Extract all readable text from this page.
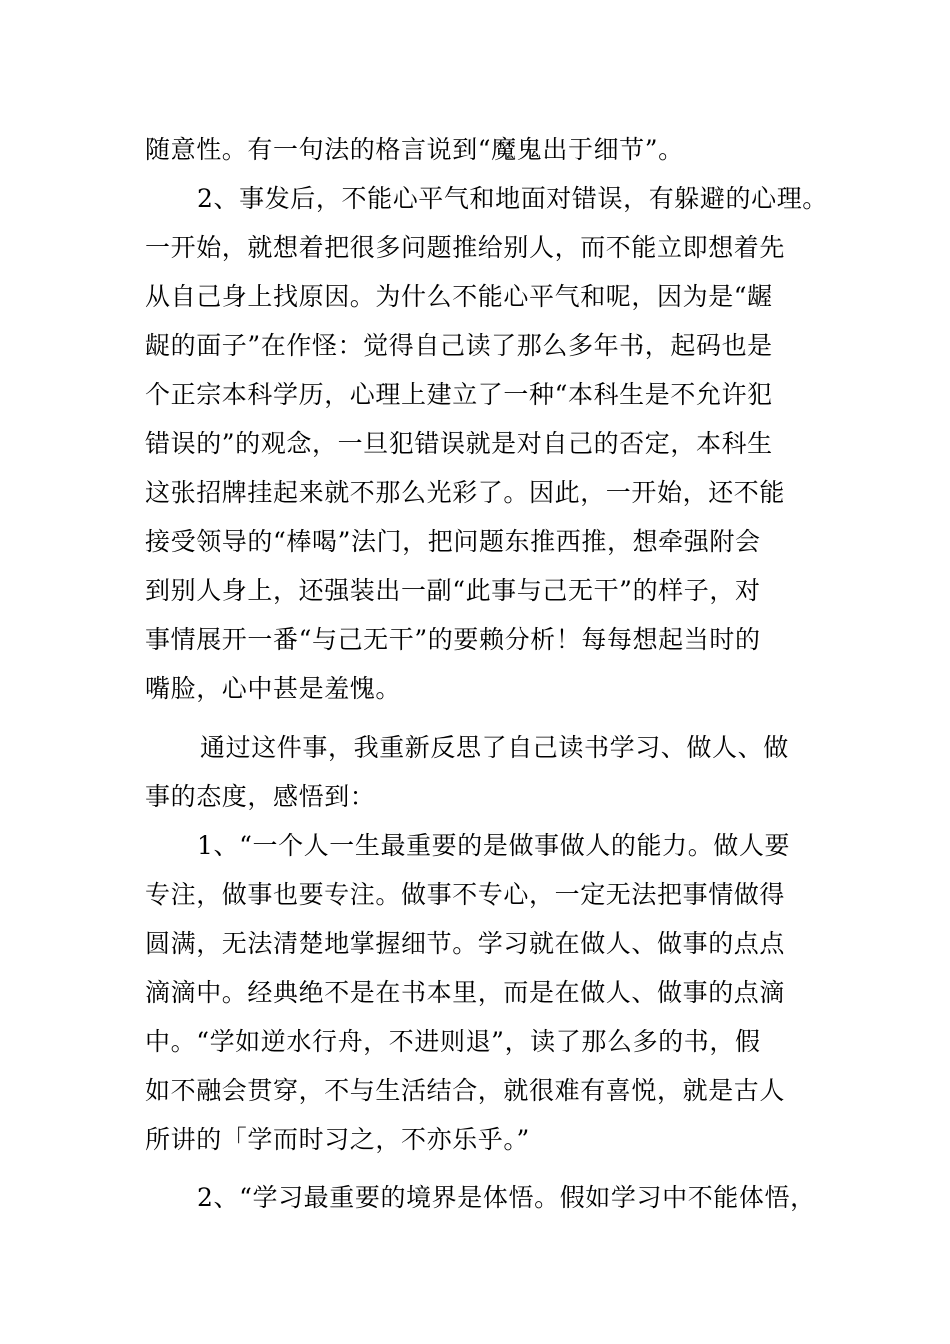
随意性。有一句法的格言说到“魔鬼出于细节”。
2、事发后，不能心平气和地面对错误，有躲避的心理。
一开始，就想着把很多问题推给别人，而不能立即想着先
从自己身上找原因。为什么不能心平气和呢，因为是“龌
龊的面子”在作怪：觉得自己读了那么多年书，起码也是
个正宗本科学历，心理上建立了一种“本科生是不允许犯
错误的”的观念，一旦犯错误就是对自己的否定，本科生
这张招牌挂起来就不那么光彩了。因此，一开始，还不能
接受领导的“棒喝”法门，把问题东推西推，想牵强附会
到别人身上，还强装出一副“此事与己无干”的样子，对
事情展开一番“与己无干”的要赖分析！每每想起当时的
嘴脸，心中甚是羞愧。
通过这件事，我重新反思了自己读书学习、做人、做
事的态度，感悟到：
1、“一个人一生最重要的是做事做人的能力。做人要
专注，做事也要专注。做事不专心，一定无法把事情做得
圆满，无法清楚地掌握细节。学习就在做人、做事的点点
滴滴中。经典绝不是在书本里，而是在做人、做事的点滴
中。“学如逆水行舟，不进则退”，读了那么多的书，假
如不融会贯穿，不与生活结合，就很难有喜悦，就是古人
所讲的「学而时习之，不亦乐乎。”
2、“学习最重要的境界是体悟。假如学习中不能体悟，
